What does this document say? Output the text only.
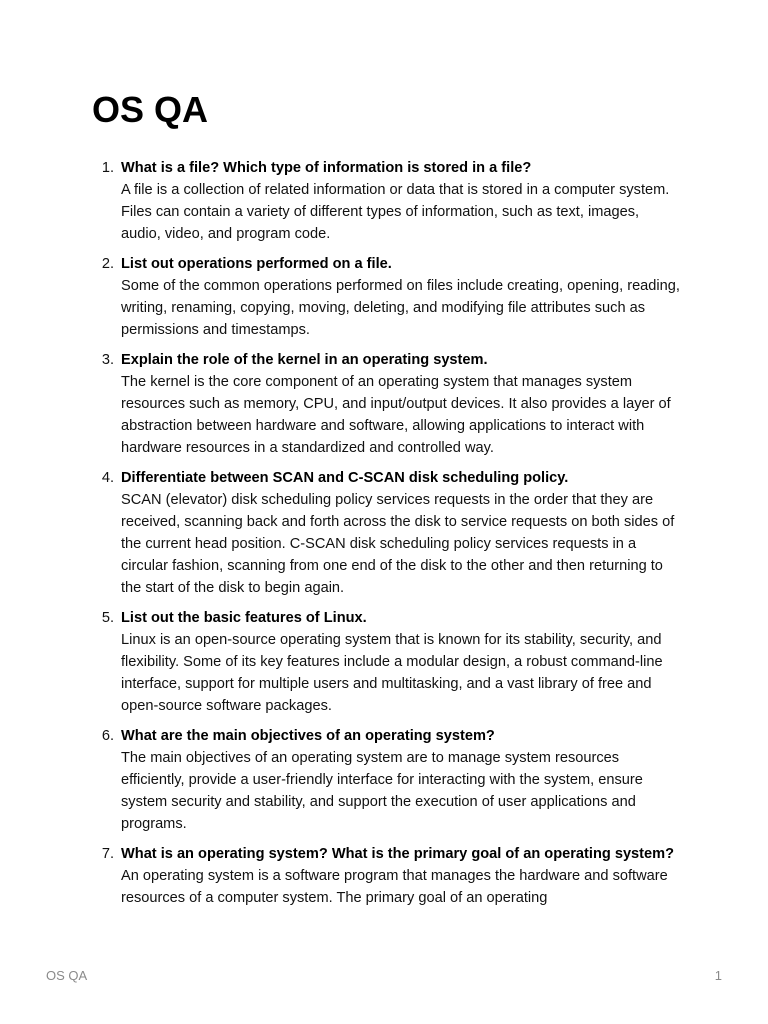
OS QA
1. What is a file? Which type of information is stored in a file?
A file is a collection of related information or data that is stored in a computer system. Files can contain a variety of different types of information, such as text, images, audio, video, and program code.
2. List out operations performed on a file.
Some of the common operations performed on files include creating, opening, reading, writing, renaming, copying, moving, deleting, and modifying file attributes such as permissions and timestamps.
3. Explain the role of the kernel in an operating system.
The kernel is the core component of an operating system that manages system resources such as memory, CPU, and input/output devices. It also provides a layer of abstraction between hardware and software, allowing applications to interact with hardware resources in a standardized and controlled way.
4. Differentiate between SCAN and C-SCAN disk scheduling policy.
SCAN (elevator) disk scheduling policy services requests in the order that they are received, scanning back and forth across the disk to service requests on both sides of the current head position. C-SCAN disk scheduling policy services requests in a circular fashion, scanning from one end of the disk to the other and then returning to the start of the disk to begin again.
5. List out the basic features of Linux.
Linux is an open-source operating system that is known for its stability, security, and flexibility. Some of its key features include a modular design, a robust command-line interface, support for multiple users and multitasking, and a vast library of free and open-source software packages.
6. What are the main objectives of an operating system?
The main objectives of an operating system are to manage system resources efficiently, provide a user-friendly interface for interacting with the system, ensure system security and stability, and support the execution of user applications and programs.
7. What is an operating system? What is the primary goal of an operating system?
An operating system is a software program that manages the hardware and software resources of a computer system. The primary goal of an operating
OS QA	1
